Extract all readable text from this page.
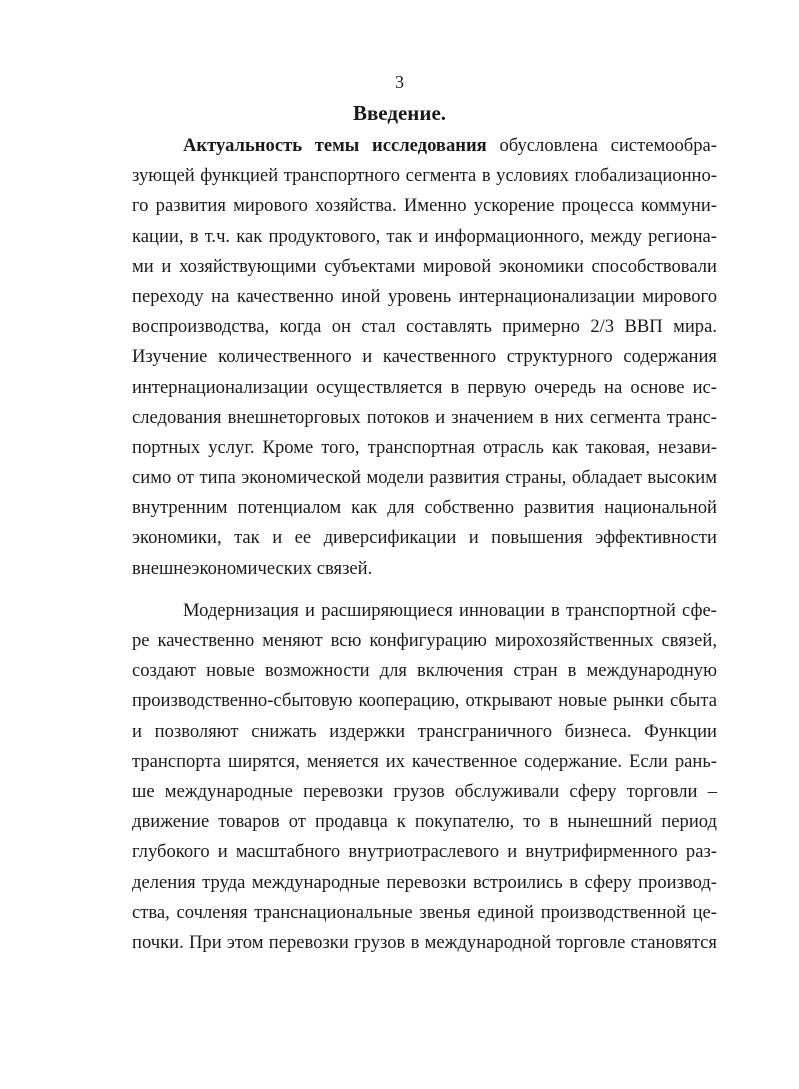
3
Введение.
Актуальность темы исследования обусловлена системообра-
зующей функцией транспортного сегмента в условиях глобализационно-
го развития мирового хозяйства. Именно ускорение процесса коммуни-
кации, в т.ч. как продуктового, так и информационного, между региона-
ми и хозяйствующими субъектами мировой экономики способствовали
переходу на качественно иной уровень интернационализации мирового
воспроизводства, когда он стал составлять примерно 2/3 ВВП мира.
Изучение количественного и качественного структурного содержания
интернационализации осуществляется в первую очередь на основе ис-
следования внешнеторговых потоков и значением в них сегмента транс-
портных услуг. Кроме того, транспортная отрасль как таковая, незави-
симо от типа экономической модели развития страны, обладает высоким
внутренним потенциалом как для собственно развития национальной
экономики, так и ее диверсификации и повышения эффективности
внешнеэкономических связей.
Модернизация и расширяющиеся инновации в транспортной сфе-
ре качественно меняют всю конфигурацию мирохозяйственных связей,
создают новые возможности для включения стран в международную
производственно-сбытовую кооперацию, открывают новые рынки сбыта
и позволяют снижать издержки трансграничного бизнеса. Функции
транспорта ширятся, меняется их качественное содержание. Если рань-
ше международные перевозки грузов обслуживали сферу торговли –
движение товаров от продавца к покупателю, то в нынешний период
глубокого и масштабного внутриотраслевого и внутрифирменного раз-
деления труда международные перевозки встроились в сферу производ-
ства, сочленяя транснациональные звенья единой производственной це-
почки. При этом перевозки грузов в международной торговле становятся
